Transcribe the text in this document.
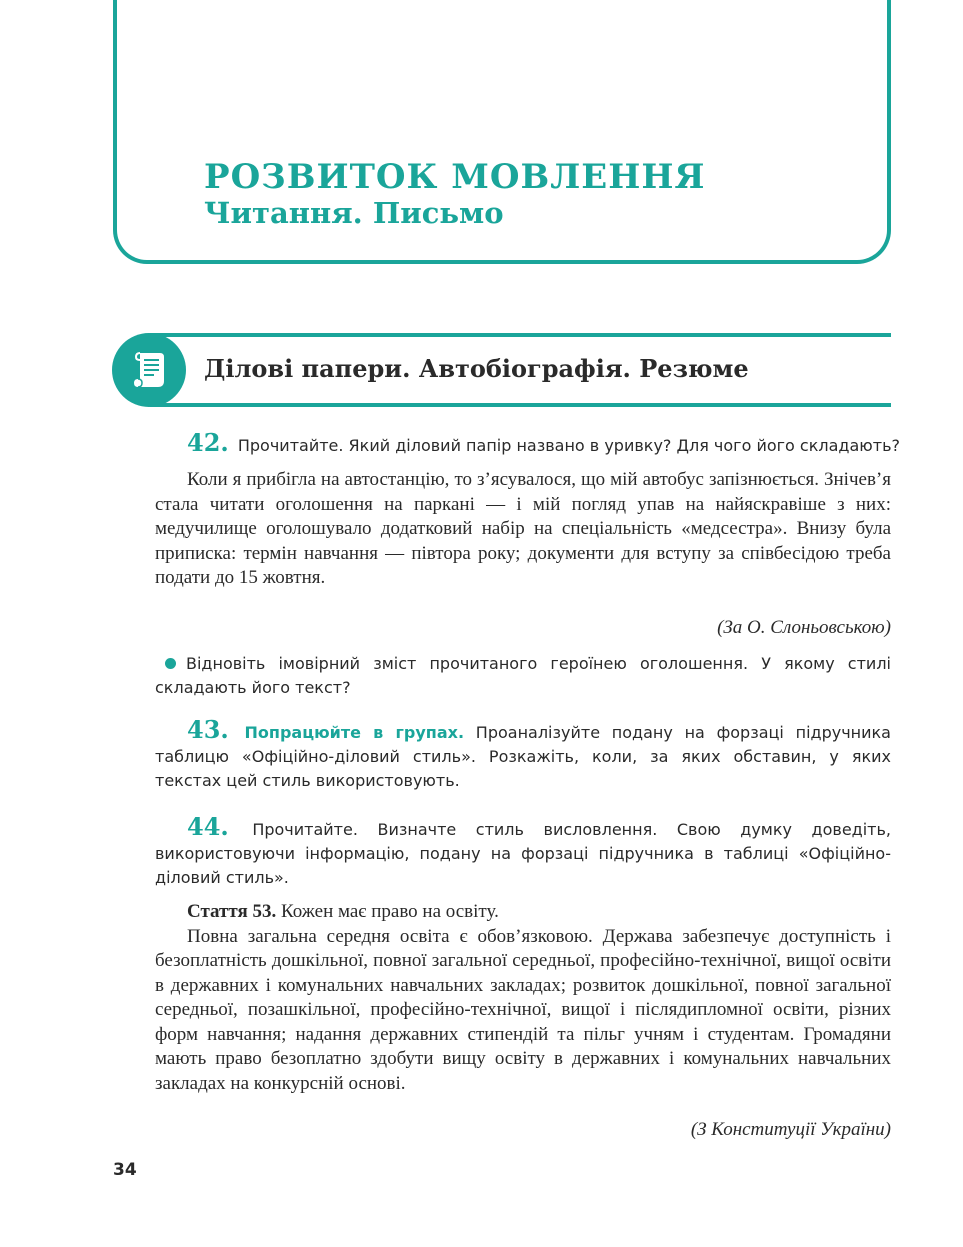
РОЗВИТОК МОВЛЕННЯ
Читання. Письмо
Ділові папери. Автобіографія. Резюме
42. Прочитайте. Який діловий папір названо в уривку? Для чого його складають?

Коли я прибігла на автостанцію, то з’ясувалося, що мій автобус запізнюється. Знічев’я стала читати оголошення на паркані — і мій погляд упав на найяскравіше з них: медучилище оголошувало додатковий набір на спеціальність «медсестра». Внизу була приписка: термін навчання — півтора року; документи для вступу за співбесідою треба подати до 15 жовтня.

(За О. Слоньовською)

Відновіть імовірний зміст прочитаного героїнею оголошення. У якому стилі складають його текст?

43. Попрацюйте в групах. Проаналізуйте подану на форзаці підручника таблицю «Офіційно-діловий стиль». Розкажіть, коли, за яких обставин, у яких текстах цей стиль використовують.

44. Прочитайте. Визначте стиль висловлення. Свою думку доведіть, використовуючи інформацію, подану на форзаці підручника в таблиці «Офіційно-діловий стиль».

Стаття 53. Кожен має право на освіту.

Повна загальна середня освіта є обов’язковою. Держава забезпечує доступність і безоплатність дошкільної, повної загальної середньої, професійно-технічної, вищої освіти в державних і комунальних навчальних закладах; розвиток дошкільної, повної загальної середньої, позашкільної, професійно-технічної, вищої і післядипломної освіти, різних форм навчання; надання державних стипендій та пільг учням і студентам. Громадяни мають право безоплатно здобути вищу освіту в державних і комунальних навчальних закладах на конкурсній основі.

(З Конституції України)
34
